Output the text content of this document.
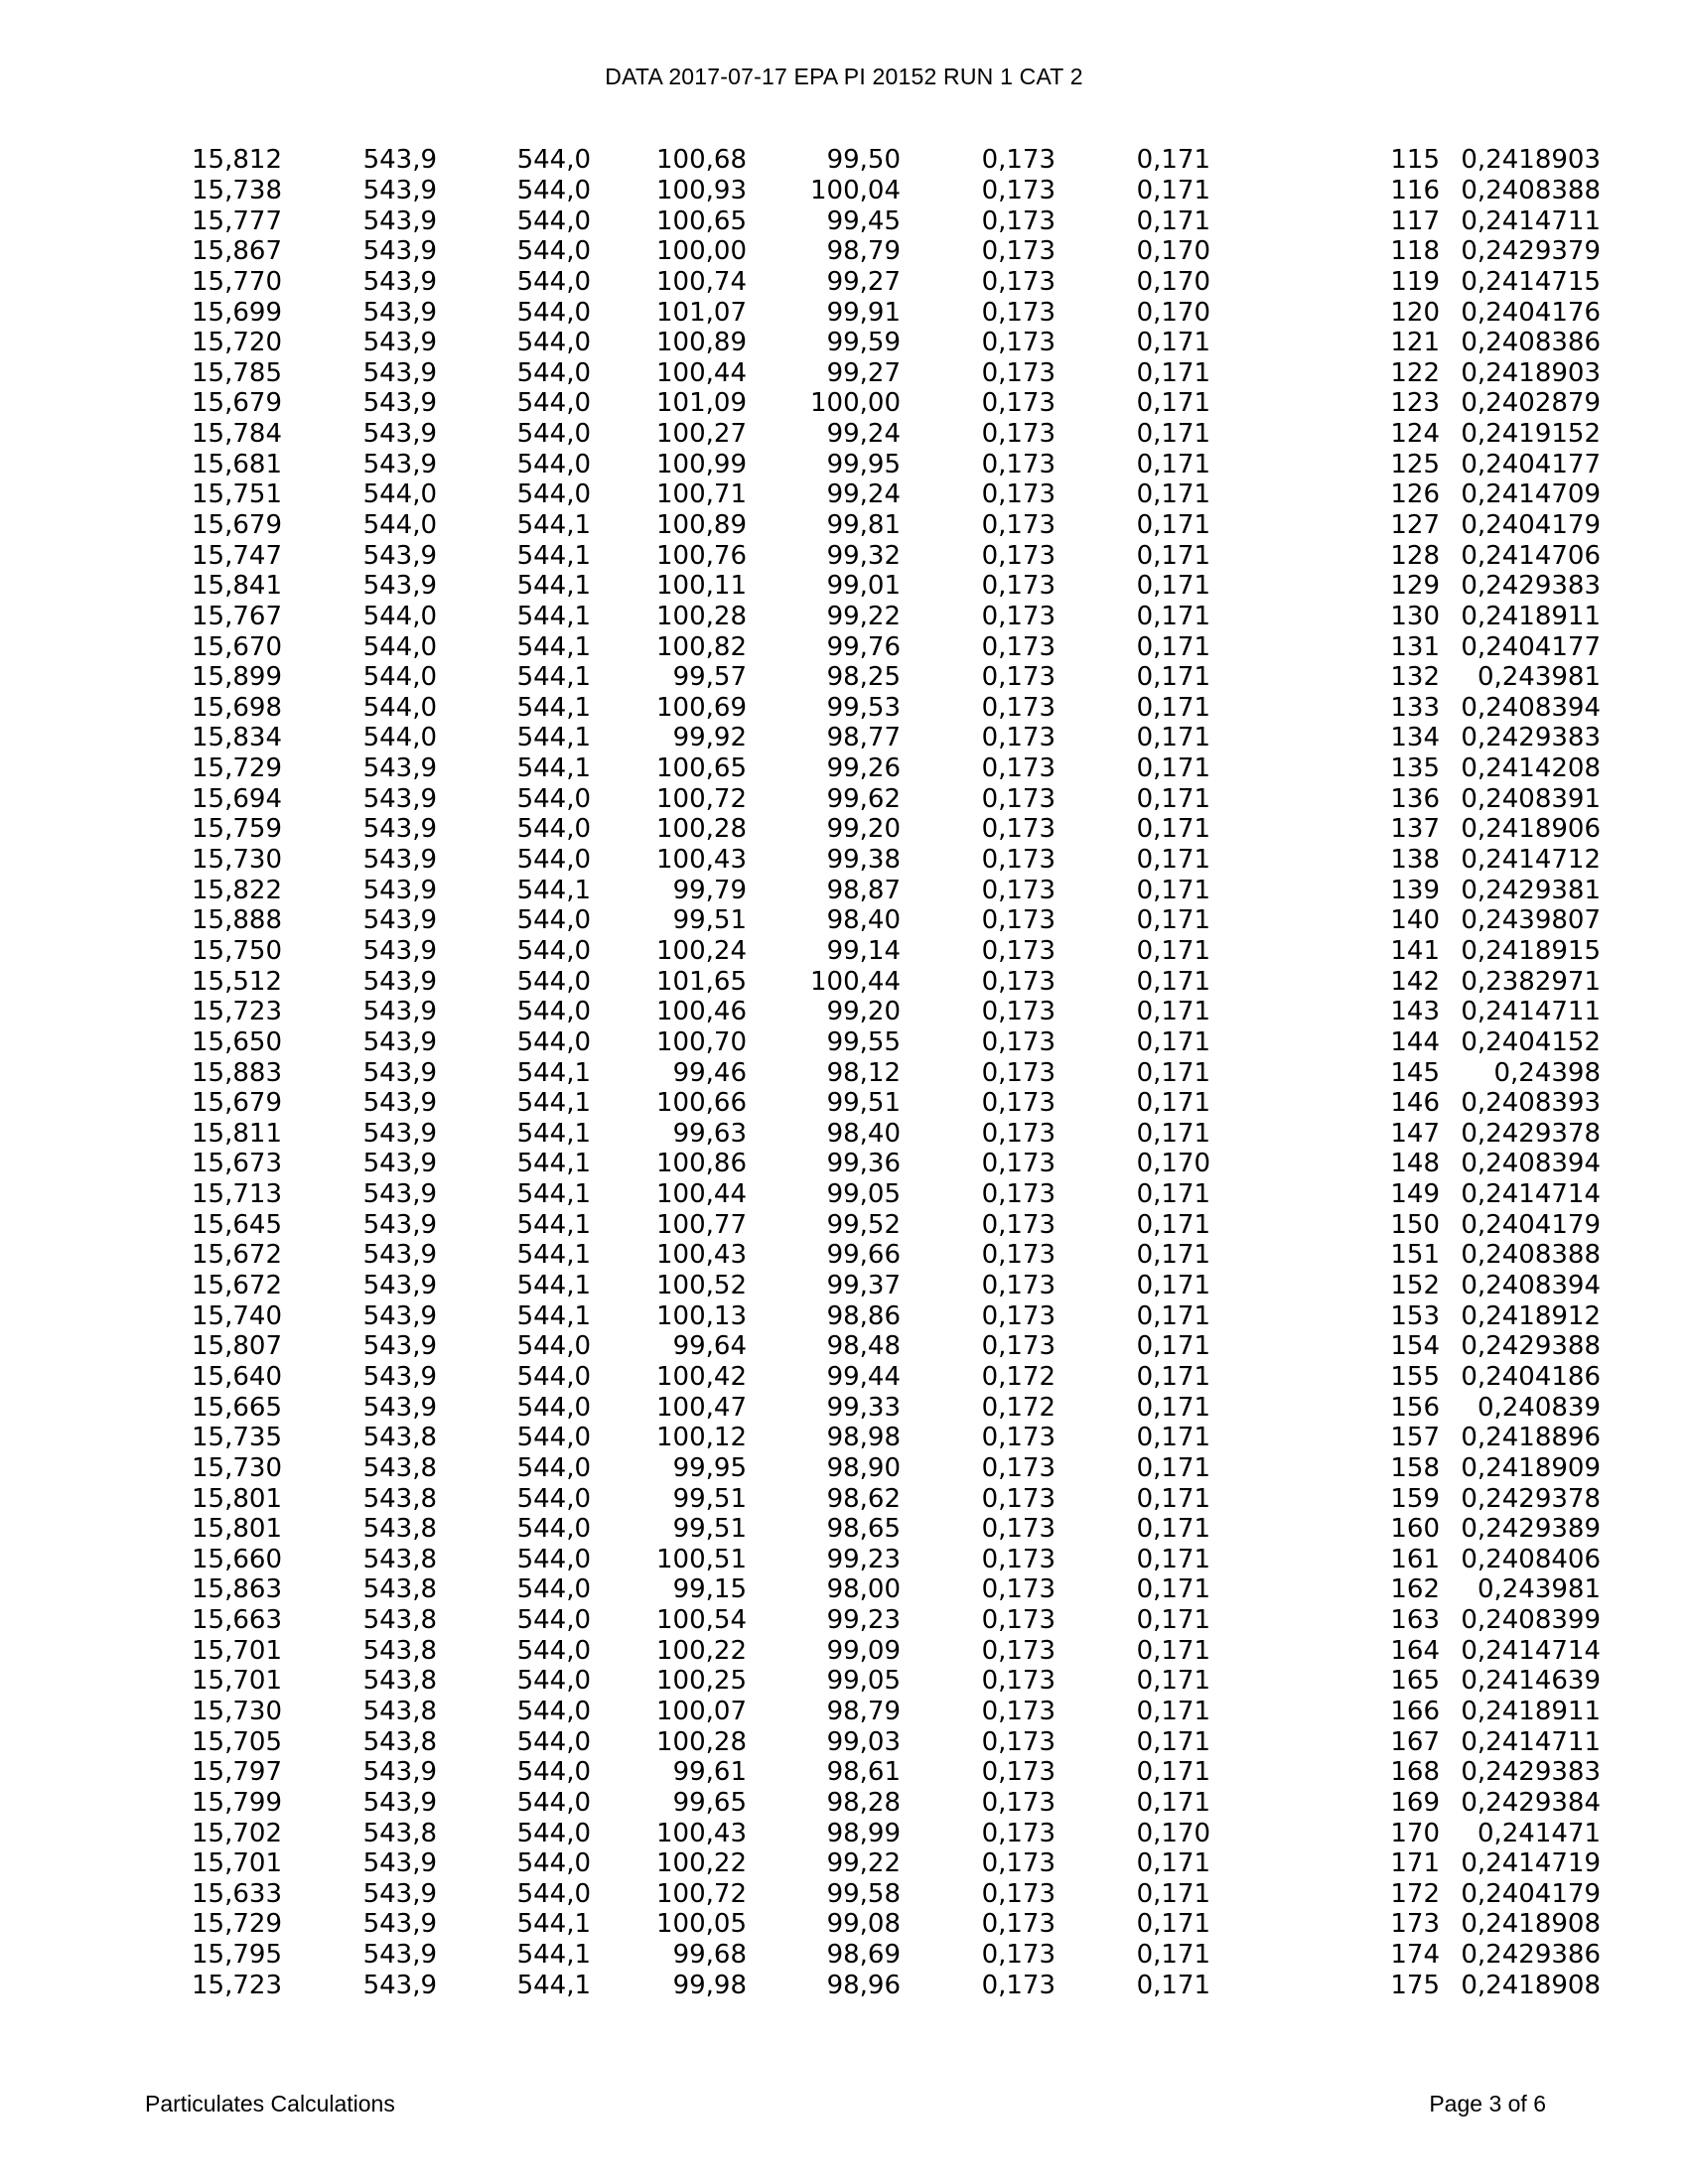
DATA 2017-07-17 EPA PI 20152 RUN 1 CAT 2
15,812	543,9	544,0	100,68	99,50	0,173	0,171	115	0,2418903
15,738	543,9	544,0	100,93	100,04	0,173	0,171	116	0,2408388
15,777	543,9	544,0	100,65	99,45	0,173	0,171	117	0,2414711
15,867	543,9	544,0	100,00	98,79	0,173	0,170	118	0,2429379
15,770	543,9	544,0	100,74	99,27	0,173	0,170	119	0,2414715
15,699	543,9	544,0	101,07	99,91	0,173	0,170	120	0,2404176
15,720	543,9	544,0	100,89	99,59	0,173	0,171	121	0,2408386
15,785	543,9	544,0	100,44	99,27	0,173	0,171	122	0,2418903
15,679	543,9	544,0	101,09	100,00	0,173	0,171	123	0,2402879
15,784	543,9	544,0	100,27	99,24	0,173	0,171	124	0,2419152
15,681	543,9	544,0	100,99	99,95	0,173	0,171	125	0,2404177
15,751	544,0	544,0	100,71	99,24	0,173	0,171	126	0,2414709
15,679	544,0	544,1	100,89	99,81	0,173	0,171	127	0,2404179
15,747	543,9	544,1	100,76	99,32	0,173	0,171	128	0,2414706
15,841	543,9	544,1	100,11	99,01	0,173	0,171	129	0,2429383
15,767	544,0	544,1	100,28	99,22	0,173	0,171	130	0,2418911
15,670	544,0	544,1	100,82	99,76	0,173	0,171	131	0,2404177
15,899	544,0	544,1	99,57	98,25	0,173	0,171	132	0,243981
15,698	544,0	544,1	100,69	99,53	0,173	0,171	133	0,2408394
15,834	544,0	544,1	99,92	98,77	0,173	0,171	134	0,2429383
15,729	543,9	544,1	100,65	99,26	0,173	0,171	135	0,2414208
15,694	543,9	544,0	100,72	99,62	0,173	0,171	136	0,2408391
15,759	543,9	544,0	100,28	99,20	0,173	0,171	137	0,2418906
15,730	543,9	544,0	100,43	99,38	0,173	0,171	138	0,2414712
15,822	543,9	544,1	99,79	98,87	0,173	0,171	139	0,2429381
15,888	543,9	544,0	99,51	98,40	0,173	0,171	140	0,2439807
15,750	543,9	544,0	100,24	99,14	0,173	0,171	141	0,2418915
15,512	543,9	544,0	101,65	100,44	0,173	0,171	142	0,2382971
15,723	543,9	544,0	100,46	99,20	0,173	0,171	143	0,2414711
15,650	543,9	544,0	100,70	99,55	0,173	0,171	144	0,2404152
15,883	543,9	544,1	99,46	98,12	0,173	0,171	145	0,24398
15,679	543,9	544,1	100,66	99,51	0,173	0,171	146	0,2408393
15,811	543,9	544,1	99,63	98,40	0,173	0,171	147	0,2429378
15,673	543,9	544,1	100,86	99,36	0,173	0,170	148	0,2408394
15,713	543,9	544,1	100,44	99,05	0,173	0,171	149	0,2414714
15,645	543,9	544,1	100,77	99,52	0,173	0,171	150	0,2404179
15,672	543,9	544,1	100,43	99,66	0,173	0,171	151	0,2408388
15,672	543,9	544,1	100,52	99,37	0,173	0,171	152	0,2408394
15,740	543,9	544,1	100,13	98,86	0,173	0,171	153	0,2418912
15,807	543,9	544,0	99,64	98,48	0,173	0,171	154	0,2429388
15,640	543,9	544,0	100,42	99,44	0,172	0,171	155	0,2404186
15,665	543,9	544,0	100,47	99,33	0,172	0,171	156	0,240839
15,735	543,8	544,0	100,12	98,98	0,173	0,171	157	0,2418896
15,730	543,8	544,0	99,95	98,90	0,173	0,171	158	0,2418909
15,801	543,8	544,0	99,51	98,62	0,173	0,171	159	0,2429378
15,801	543,8	544,0	99,51	98,65	0,173	0,171	160	0,2429389
15,660	543,8	544,0	100,51	99,23	0,173	0,171	161	0,2408406
15,863	543,8	544,0	99,15	98,00	0,173	0,171	162	0,243981
15,663	543,8	544,0	100,54	99,23	0,173	0,171	163	0,2408399
15,701	543,8	544,0	100,22	99,09	0,173	0,171	164	0,2414714
15,701	543,8	544,0	100,25	99,05	0,173	0,171	165	0,2414639
15,730	543,8	544,0	100,07	98,79	0,173	0,171	166	0,2418911
15,705	543,8	544,0	100,28	99,03	0,173	0,171	167	0,2414711
15,797	543,9	544,0	99,61	98,61	0,173	0,171	168	0,2429383
15,799	543,9	544,0	99,65	98,28	0,173	0,171	169	0,2429384
15,702	543,8	544,0	100,43	98,99	0,173	0,170	170	0,241471
15,701	543,9	544,0	100,22	99,22	0,173	0,171	171	0,2414719
15,633	543,9	544,0	100,72	99,58	0,173	0,171	172	0,2404179
15,729	543,9	544,1	100,05	99,08	0,173	0,171	173	0,2418908
15,795	543,9	544,1	99,68	98,69	0,173	0,171	174	0,2429386
15,723	543,9	544,1	99,98	98,96	0,173	0,171	175	0,2418908
Particulates Calculations	Page 3 of 6
